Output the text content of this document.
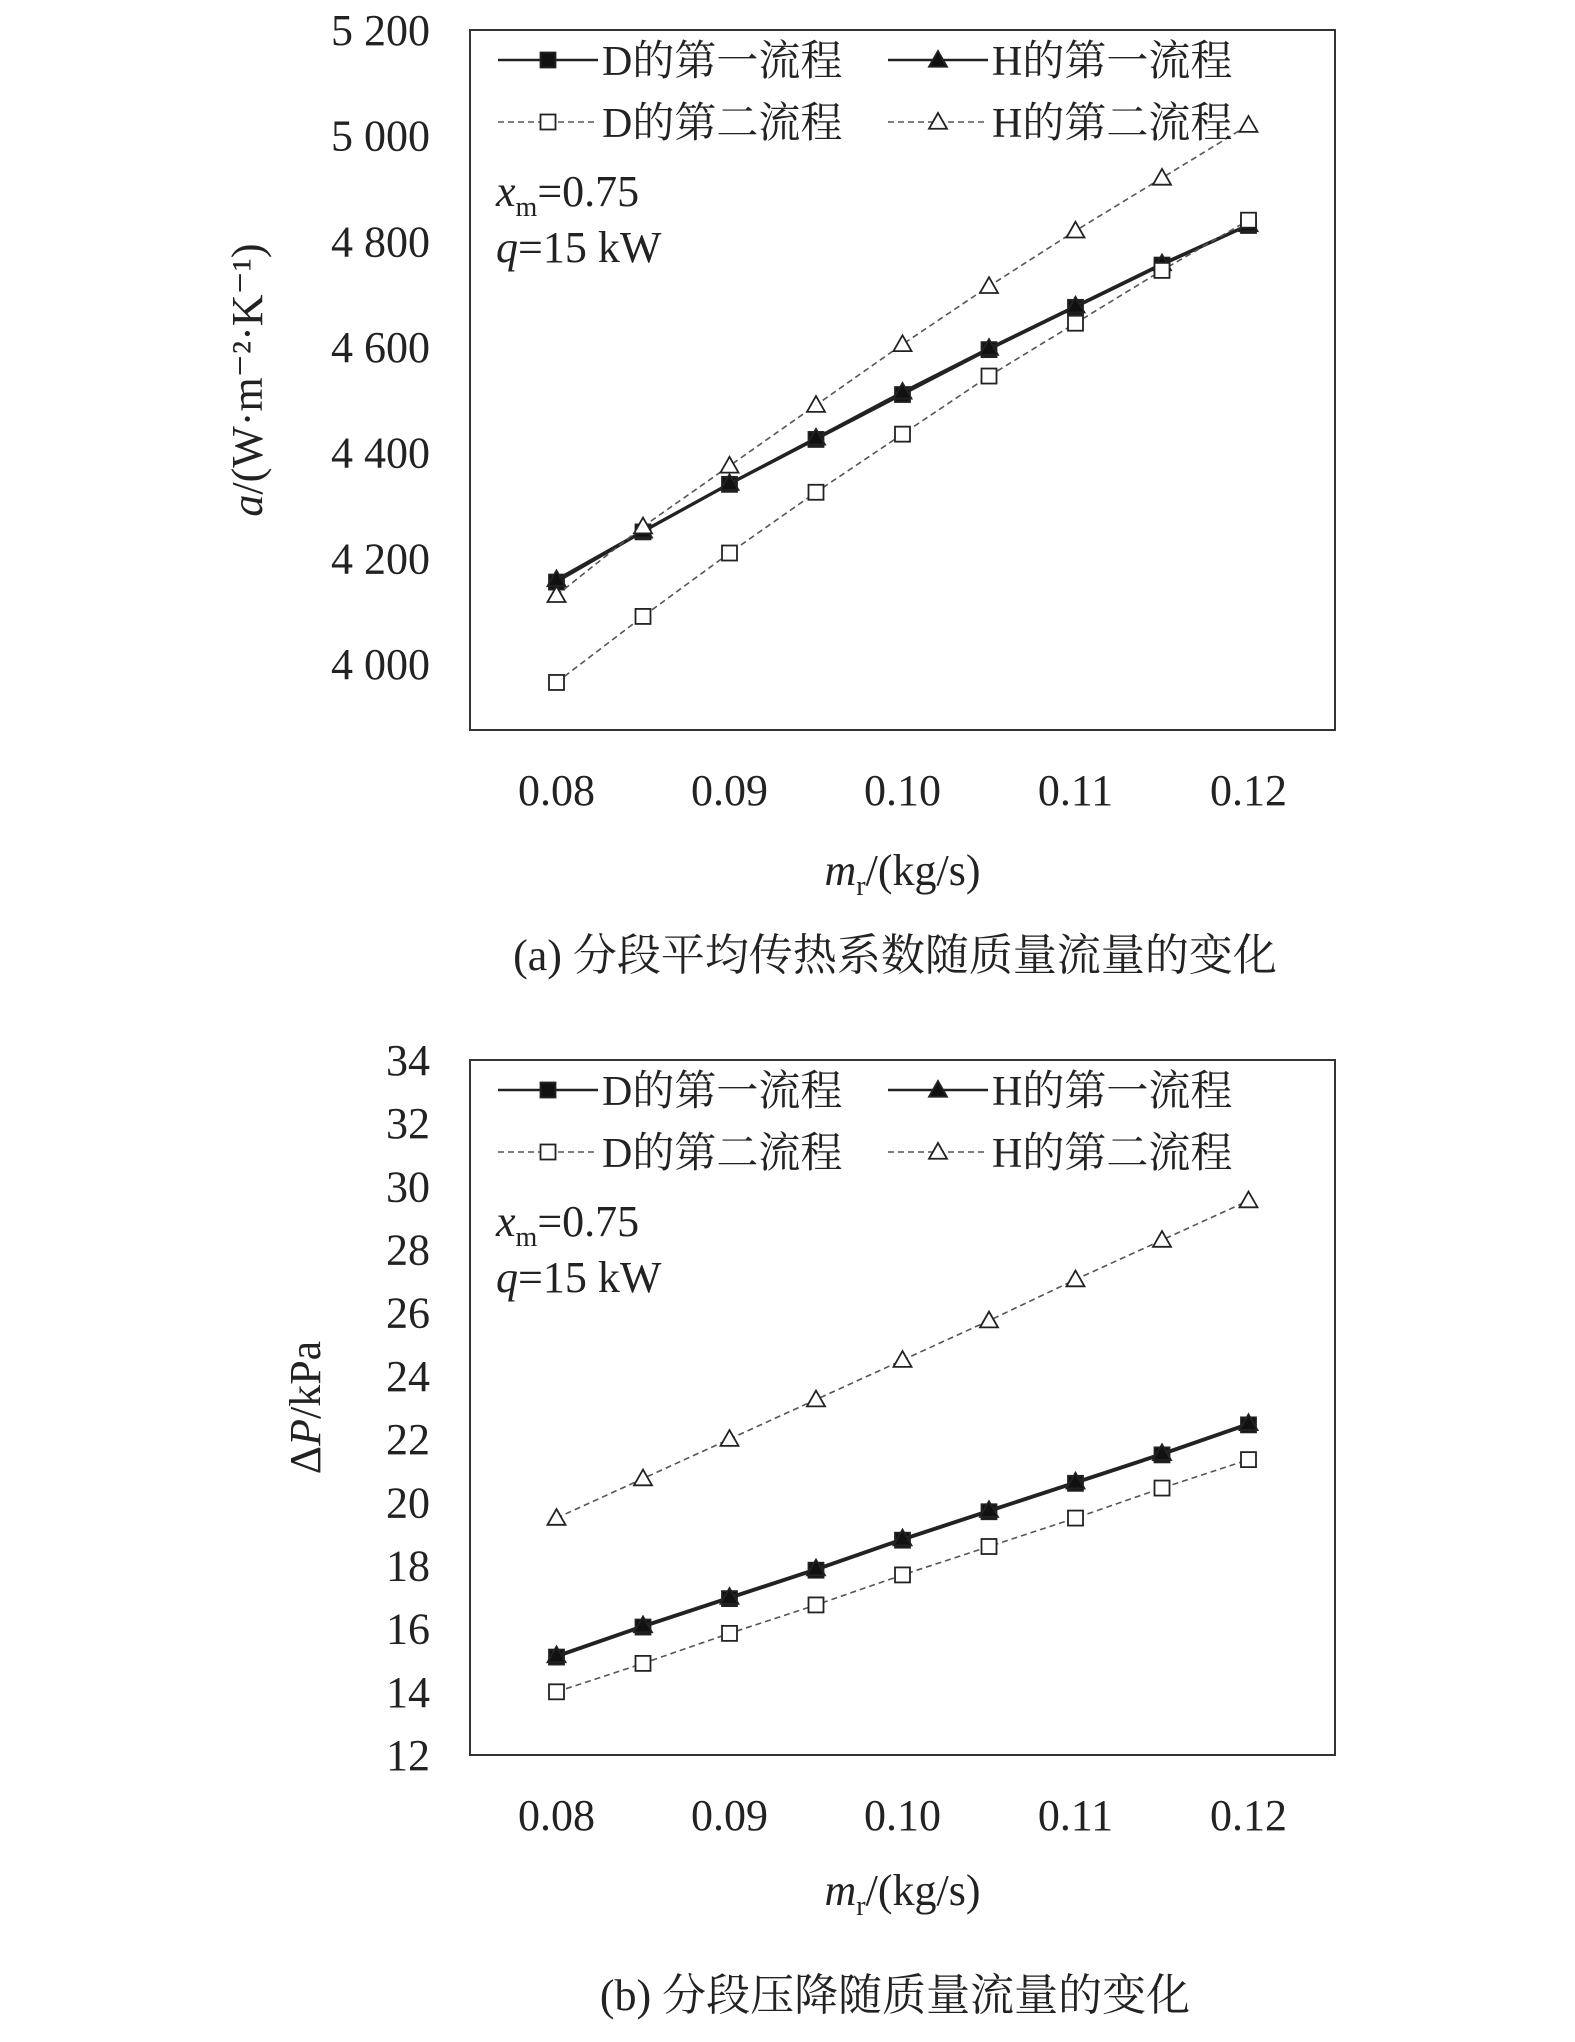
4 000
4 200
4 400
4 600
4 800
5 000
5 200
0.08 0.09 0.10 0.11 0.12
D的第一流程	H的第一流程
D的第二流程	H的第二流程
$x_m=0.75$
q=15 kW
$m_r/(kg/s)$
a/(W·m⁻²·K⁻¹)
(a) 分段平均传热系数随质量流量的变化
12
14
16
18
20
22
24
26
28
30
32
34
0.08 0.09 0.10 0.11 0.12
D的第一流程	H的第一流程
D的第二流程	H的第二流程
$x_m=0.75$
q=15 kW
$m_r/(kg/s)$
ΔP/kPa
(b) 分段压降随质量流量的变化
